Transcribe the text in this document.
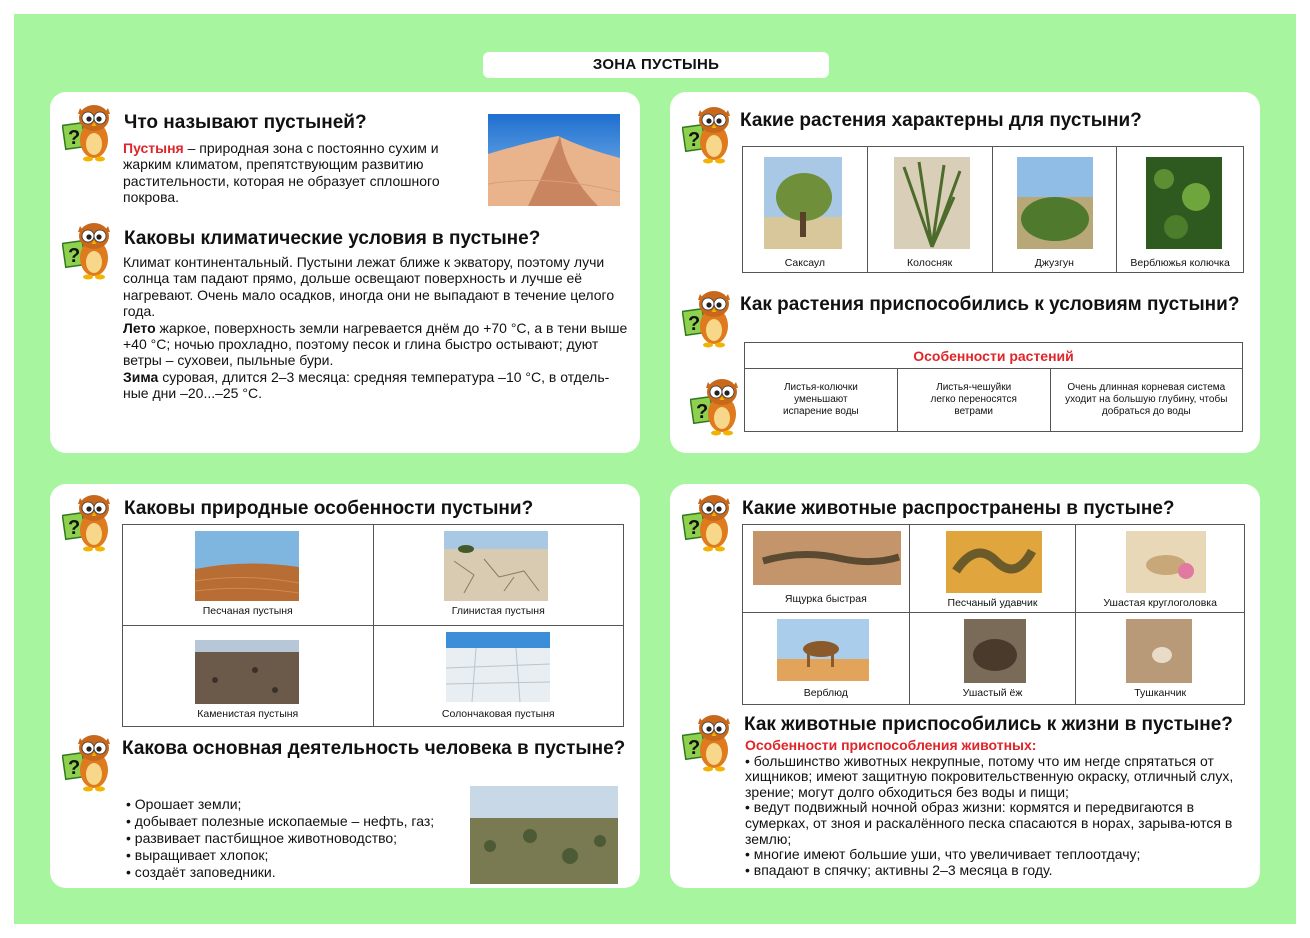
ЗОНА ПУСТЫНЬ
Что называют пустыней?
Пустыня – природная зона с постоянно сухим и жарким климатом, препятствующим развитию растительности, которая не образует сплошного покрова.
Каковы климатические условия в пустыне?
Климат континентальный. Пустыни лежат ближе к экватору, поэтому лучи солнца там падают прямо, дольше освещают поверхность и лучше её нагревают. Очень мало осадков, иногда они не выпадают в течение целого года.
Лето жаркое, поверхность земли нагревается днём до +70 °С, а в тени выше +40 °С; ночью прохладно, поэтому песок и глина быстро остывают; дуют ветры – суховеи, пыльные бури.
Зима суровая, длится 2–3 месяца: средняя температура –10 °С, в отдель-ные дни –20...–25 °С.
Какие растения характерны для пустыни?
Саксаул	Колосняк	Джузгун	Верблюжья колючка
Как растения приспособились к условиям пустыни?
Особенности растений
Листья-колючки уменьшают испарение воды	Листья-чешуйки легко переносятся ветрами	Очень длинная корневая система уходит на большую глубину, чтобы добраться до воды
Каковы природные особенности пустыни?
Песчаная пустыня	Глинистая пустыня

Каменистая пустыня	Солончаковая пустыня
Какова основная деятельность человека в пустыне?
• Орошает земли;
• добывает полезные ископаемые – нефть, газ;
• развивает пастбищное животноводство;
• выращивает хлопок;
• создаёт заповедники.
Какие животные распространены в пустыне?
Ящурка быстрая	Песчаный удавчик	Ушастая круглоголовка

Верблюд	Ушастый ёж	Тушканчик
Как животные приспособились к жизни в пустыне?
Особенности приспособления животных:
• большинство животных некрупные, потому что им негде спрятаться от хищников; имеют защитную покровительственную окраску, отличный слух, зрение; могут долго обходиться без воды и пищи;
• ведут подвижный ночной образ жизни: кормятся и передвигаются в сумерках, от зноя и раскалённого песка спасаются в норах, зарыва-ются в землю;
• многие имеют большие уши, что увеличивает теплоотдачу;
• впадают в спячку; активны 2–3 месяца в году.
